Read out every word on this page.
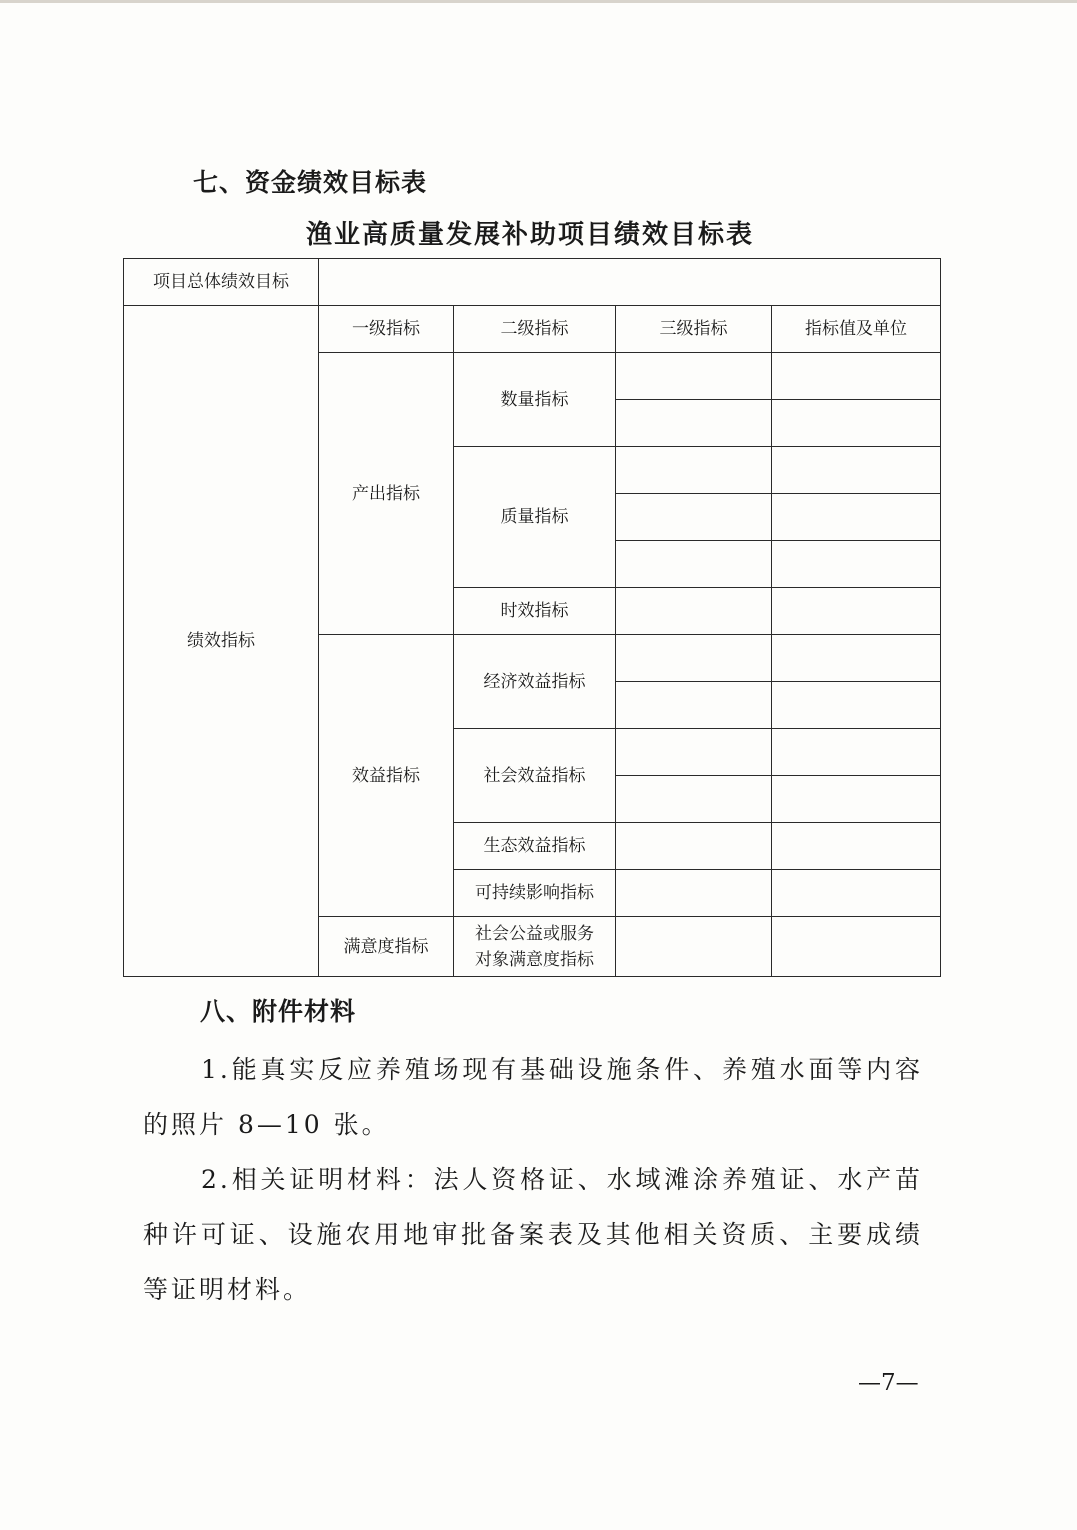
七、资金绩效目标表
渔业高质量发展补助项目绩效目标表
项目总体绩效目标				
绩效指标	一级指标	二级指标	三级指标	指标值及单位
	产出指标	数量指标		

		质量指标		

		时效指标		
	效益指标	经济效益指标		

		社会效益指标		

		生态效益指标		
		可持续影响指标		
	满意度指标	社会公益或服务
对象满意度指标		

八、附件材料
1.能真实反应养殖场现有基础设施条件、养殖水面等内容的照片 8—10 张。
2.相关证明材料：法人资格证、水域滩涂养殖证、水产苗种许可证、设施农用地审批备案表及其他相关资质、主要成绩等证明材料。
—7—
